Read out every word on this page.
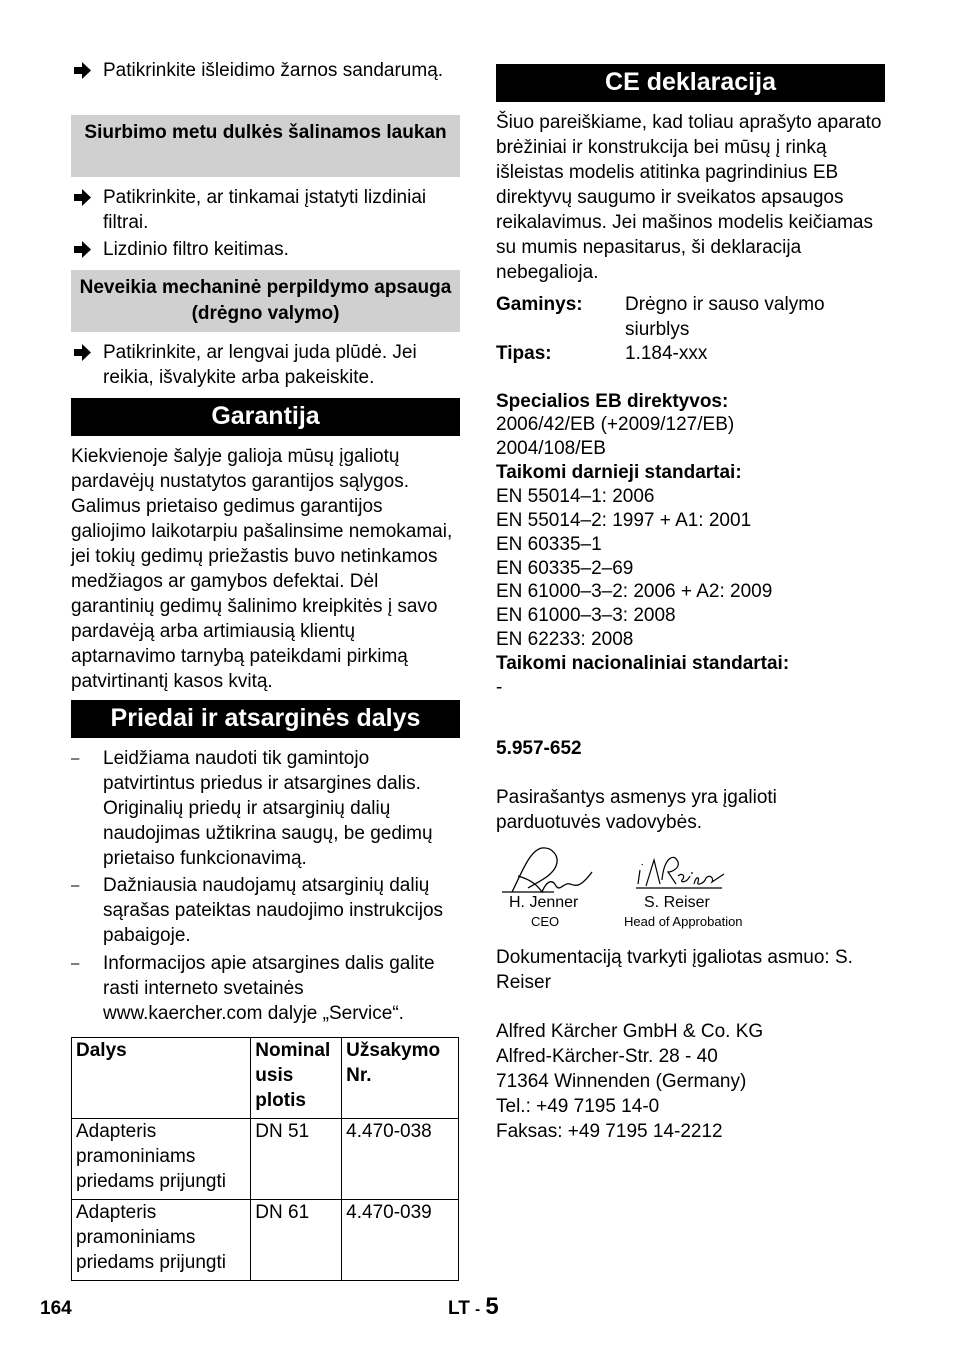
Patikrinkite išleidimo žarnos sandarumą.
Siurbimo metu dulkės šalinamos laukan
Patikrinkite, ar tinkamai įstatyti lizdiniai filtrai.
Lizdinio filtro keitimas.
Neveikia mechaninė perpildymo apsauga (drėgno valymo)
Patikrinkite, ar lengvai juda plūdė. Jei reikia, išvalykite arba pakeiskite.
Garantija

Kiekvienoje šalyje galioja mūsų įgaliotų pardavėjų nustatytos garantijos sąlygos. Galimus prietaiso gedimus garantijos galiojimo laikotarpiu pašalinsime nemokamai, jei tokių gedimų priežastis buvo netinkamos medžiagos ar gamybos defektai. Dėl garantinių gedimų šalinimo kreipkitės į savo pardavėją arba artimiausią klientų aptarnavimo tarnybą pateikdami pirkimą patvirtinantį kasos kvitą.

Priedai ir atsarginės dalys
– Leidžiama naudoti tik gamintojo patvirtintus priedus ir atsargines dalis. Originalių priedų ir atsarginių dalių naudojimas užtikrina saugų, be gedimų prietaiso funkcionavimą.
– Dažniausia naudojamų atsarginių dalių sąrašas pateiktas naudojimo instrukcijos pabaigoje.
– Informacijos apie atsargines dalis galite rasti interneto svetainės www.kaercher.com dalyje „Service“.
Dalys	Nominal usis plotis	Užsakymo Nr.
Adapteris pramoniniams priedams prijungti	DN 51	4.470-038
Adapteris pramoniniams priedams prijungti	DN 61	4.470-039
CE deklaracija

Šiuo pareiškiame, kad toliau aprašyto aparato brėžiniai ir konstrukcija bei mūsų į rinką išleistas modelis atitinka pagrindinius EB direktyvų saugumo ir sveikatos apsaugos reikalavimus. Jei mašinos modelis keičiamas su mumis nepasitarus, ši deklaracija nebegalioja.

Gaminys: Drėgno ir sauso valymo siurblys
Tipas:	1.184-xxx
Specialios EB direktyvos:
2006/42/EB (+2009/127/EB)
2004/108/EB
Taikomi darnieji standartai:
EN 55014–1: 2006
EN 55014–2: 1997 + A1: 2001
EN 60335–1
EN 60335–2–69
EN 61000–3–2: 2006 + A2: 2009
EN 61000–3–3: 2008
EN 62233: 2008
Taikomi nacionaliniai standartai:
-
5.957-652

Pasirašantys asmenys yra įgalioti parduotuvės vadovybės.

H. Jenner
CEO
S. Reiser
Head of Approbation

Dokumentaciją tvarkyti įgaliotas asmuo: S. Reiser

Alfred Kärcher GmbH & Co. KG
Alfred-Kärcher-Str. 28 - 40
71364 Winnenden (Germany)
Tel.: +49 7195 14-0
Faksas: +49 7195 14-2212
164	LT - 5
